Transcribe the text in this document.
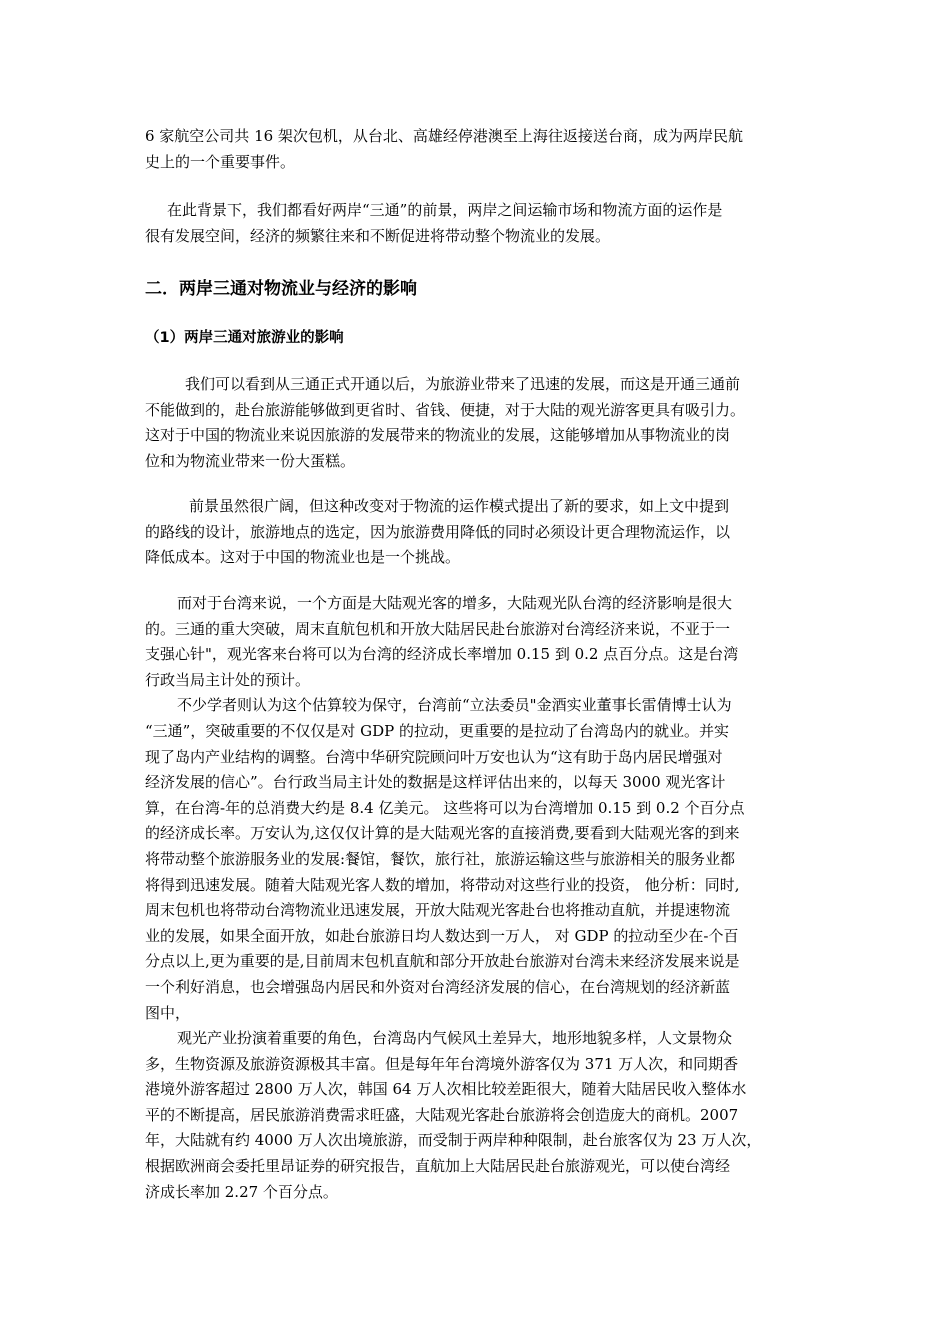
6 家航空公司共 16 架次包机，从台北、高雄经停港澳至上海往返接送台商，成为两岸民航
史上的一个重要事件。
在此背景下，我们都看好两岸“三通”的前景，两岸之间运输市场和物流方面的运作是
很有发展空间，经济的频繁往来和不断促进将带动整个物流业的发展。
二．两岸三通对物流业与经济的影响
（1）两岸三通对旅游业的影响
我们可以看到从三通正式开通以后，为旅游业带来了迅速的发展，而这是开通三通前
不能做到的，赴台旅游能够做到更省时、省钱、便捷，对于大陆的观光游客更具有吸引力。
这对于中国的物流业来说因旅游的发展带来的物流业的发展，这能够增加从事物流业的岗
位和为物流业带来一份大蛋糕。
前景虽然很广阔，但这种改变对于物流的运作模式提出了新的要求，如上文中提到
的路线的设计，旅游地点的选定，因为旅游费用降低的同时必须设计更合理物流运作，以
降低成本。这对于中国的物流业也是一个挑战。
而对于台湾来说，一个方面是大陆观光客的增多，大陆观光队台湾的经济影响是很大
的。三通的重大突破，周末直航包机和开放大陆居民赴台旅游对台湾经济来说，不亚于一
支强心针"，观光客来台将可以为台湾的经济成长率增加 0.15 到 0.2 点百分点。这是台湾
行政当局主计处的预计。
不少学者则认为这个估算较为保守，台湾前“立法委员"金酒实业董事长雷倩博士认为
“三通”，突破重要的不仅仅是对 GDP 的拉动，更重要的是拉动了台湾岛内的就业。并实
现了岛内产业结构的调整。台湾中华研究院顾问叶万安也认为“这有助于岛内居民增强对
经济发展的信心”。台行政当局主计处的数据是这样评估出来的，以每天 3000 观光客计
算，在台湾-年的总消费大约是 8.4 亿美元。 这些将可以为台湾增加 0.15 到 0.2 个百分点
的经济成长率。万安认为,这仅仅计算的是大陆观光客的直接消费,要看到大陆观光客的到来
将带动整个旅游服务业的发展:餐馆，餐饮，旅行社，旅游运输这些与旅游相关的服务业都
将得到迅速发展。随着大陆观光客人数的增加，将带动对这些行业的投资， 他分析：同时,
周末包机也将带动台湾物流业迅速发展，开放大陆观光客赴台也将推动直航，并提速物流
业的发展，如果全面开放，如赴台旅游日均人数达到一万人， 对 GDP 的拉动至少在-个百
分点以上,更为重要的是,目前周末包机直航和部分开放赴台旅游对台湾未来经济发展来说是
一个利好消息，也会增强岛内居民和外资对台湾经济发展的信心，在台湾规划的经济新蓝
图中，
观光产业扮演着重要的角色，台湾岛内气候风土差异大，地形地貌多样，人文景物众
多，生物资源及旅游资源极其丰富。但是每年年台湾境外游客仅为 371 万人次，和同期香
港境外游客超过 2800 万人次，韩国 64 万人次相比较差距很大，随着大陆居民收入整体水
平的不断提高，居民旅游消费需求旺盛，大陆观光客赴台旅游将会创造庞大的商机。2007
年，大陆就有约 4000 万人次出境旅游，而受制于两岸种种限制，赴台旅客仅为 23 万人次，
根据欧洲商会委托里昂证券的研究报告，直航加上大陆居民赴台旅游观光，可以使台湾经
济成长率加 2.27 个百分点。
